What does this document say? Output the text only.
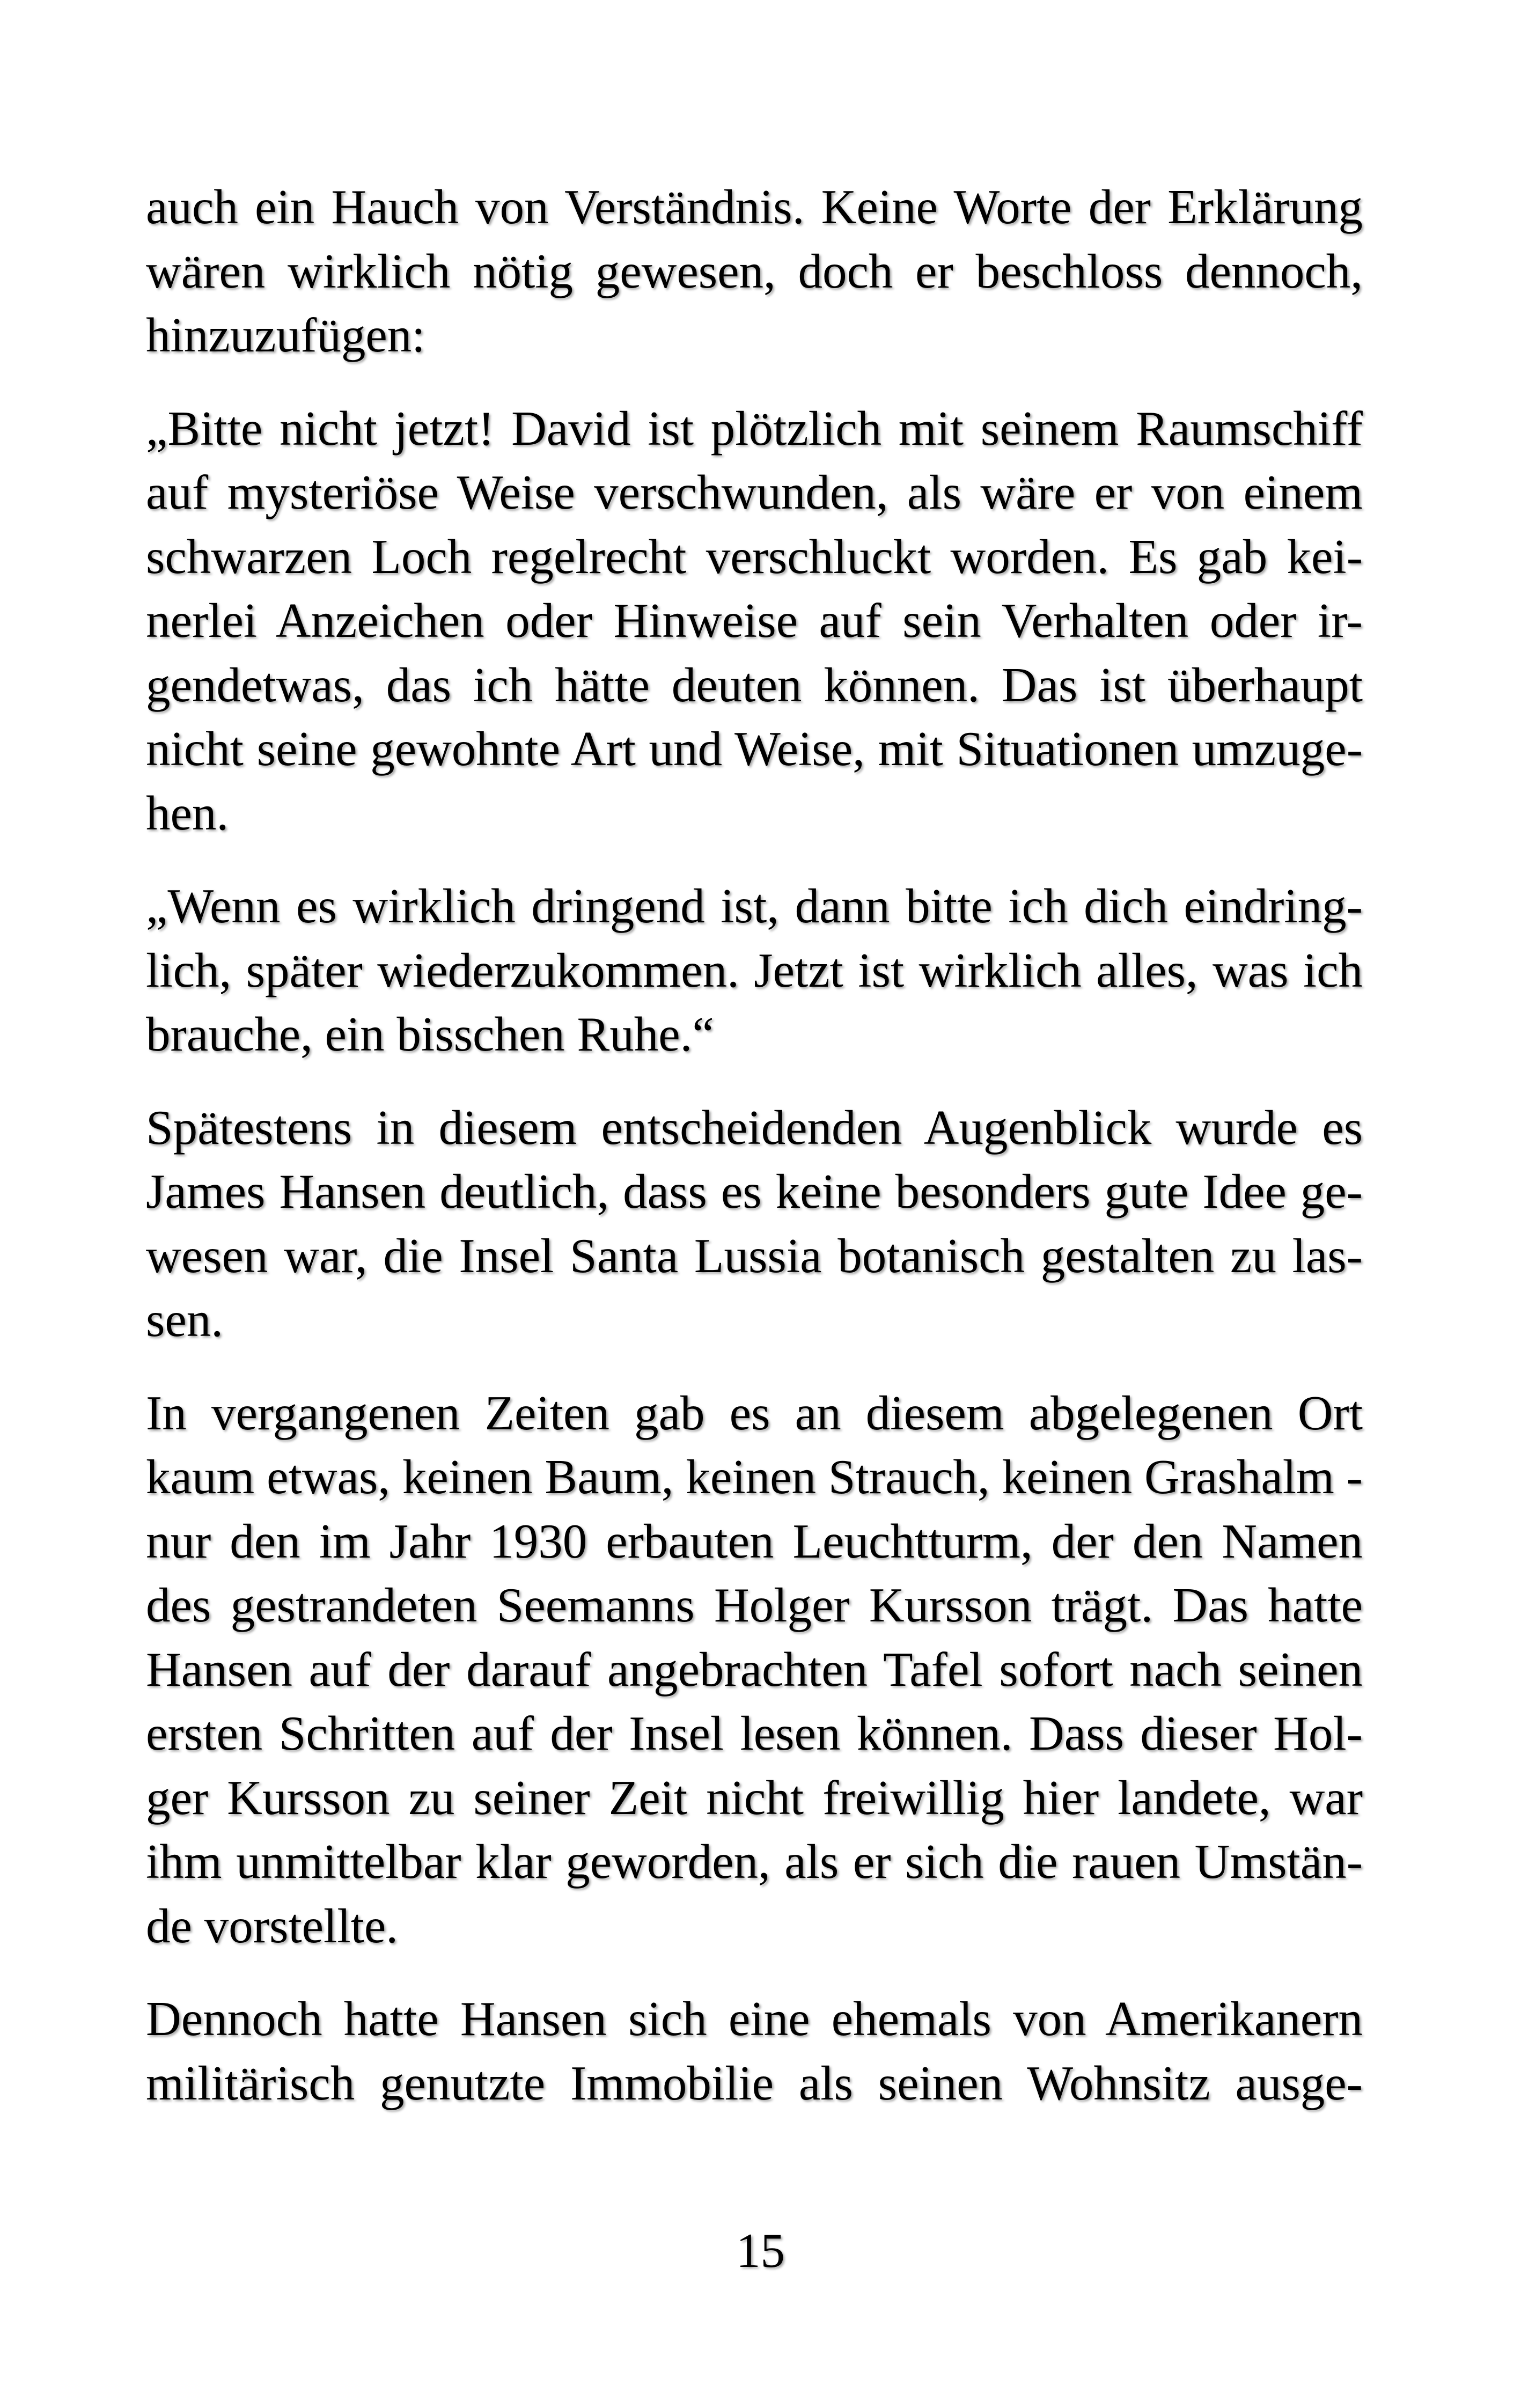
auch ein Hauch von Verständnis. Keine Worte der Erklärung
wären wirklich nötig gewesen, doch er beschloss dennoch,
hinzuzufügen:

„Bitte nicht jetzt! David ist plötzlich mit seinem Raumschiff
auf mysteriöse Weise verschwunden, als wäre er von einem
schwarzen Loch regelrecht verschluckt worden. Es gab kei-
nerlei Anzeichen oder Hinweise auf sein Verhalten oder ir-
gendetwas, das ich hätte deuten können. Das ist überhaupt
nicht seine gewohnte Art und Weise, mit Situationen umzuge-
hen.

„Wenn es wirklich dringend ist, dann bitte ich dich eindring-
lich, später wiederzukommen. Jetzt ist wirklich alles, was ich
brauche, ein bisschen Ruhe.“

Spätestens in diesem entscheidenden Augenblick wurde es
James Hansen deutlich, dass es keine besonders gute Idee ge-
wesen war, die Insel Santa Lussia botanisch gestalten zu las-
sen.

In vergangenen Zeiten gab es an diesem abgelegenen Ort
kaum etwas, keinen Baum, keinen Strauch, keinen Grashalm -
nur den im Jahr 1930 erbauten Leuchtturm, der den Namen
des gestrandeten Seemanns Holger Kursson trägt. Das hatte
Hansen auf der darauf angebrachten Tafel sofort nach seinen
ersten Schritten auf der Insel lesen können. Dass dieser Hol-
ger Kursson zu seiner Zeit nicht freiwillig hier landete, war
ihm unmittelbar klar geworden, als er sich die rauen Umstän-
de vorstellte.

Dennoch hatte Hansen sich eine ehemals von Amerikanern
militärisch genutzte Immobilie als seinen Wohnsitz ausge-

15
